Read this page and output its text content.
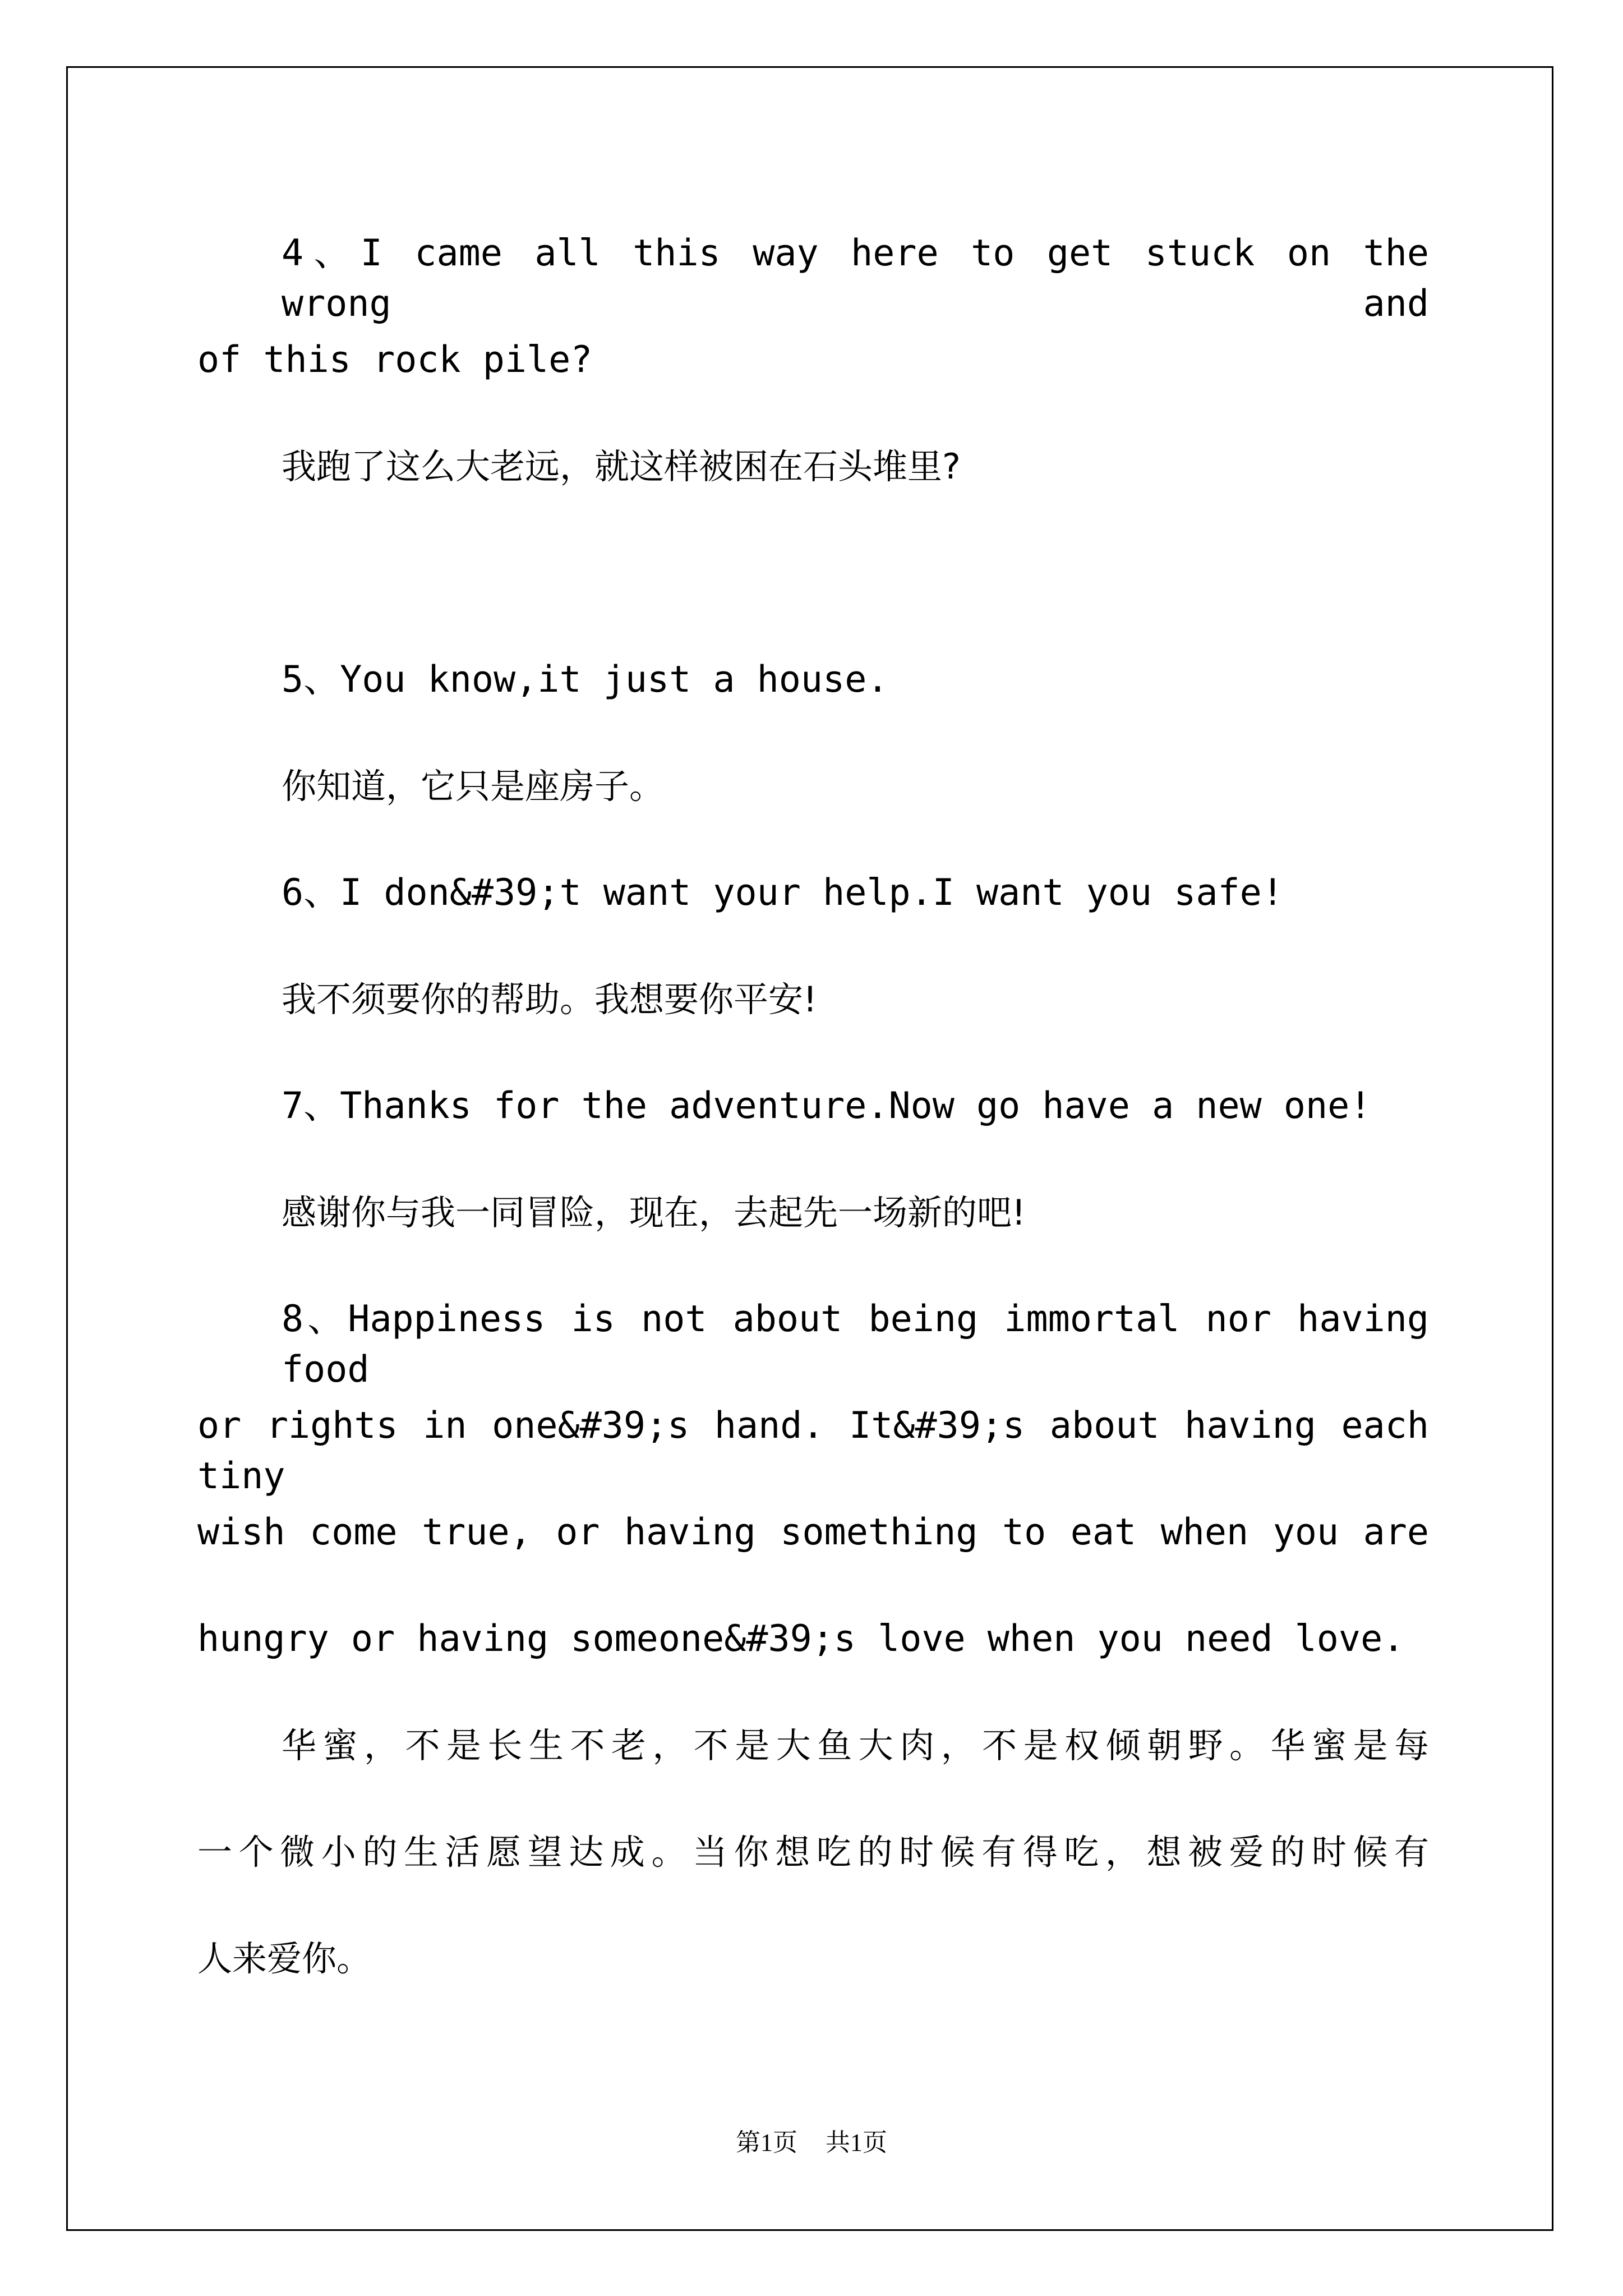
4、I came all this way here to get stuck on the wrong and
of this rock pile?
我跑了这么大老远，就这样被困在石头堆里?
5、You know,it just a house.
你知道，它只是座房子。
6、I don&#39;t want your help.I want you safe!
我不须要你的帮助。我想要你平安!
7、Thanks for the adventure.Now go have a new one!
感谢你与我一同冒险，现在，去起先一场新的吧!
8、Happiness is not about being immortal nor having food
or rights in one&#39;s hand. It&#39;s about having each tiny
wish come true, or having something to eat when you are
hungry or having someone&#39;s love when you need love.
华蜜，不是长生不老，不是大鱼大肉，不是权倾朝野。华蜜是每
一个微小的生活愿望达成。当你想吃的时候有得吃，想被爱的时候有
人来爱你。
第1页 共1页
